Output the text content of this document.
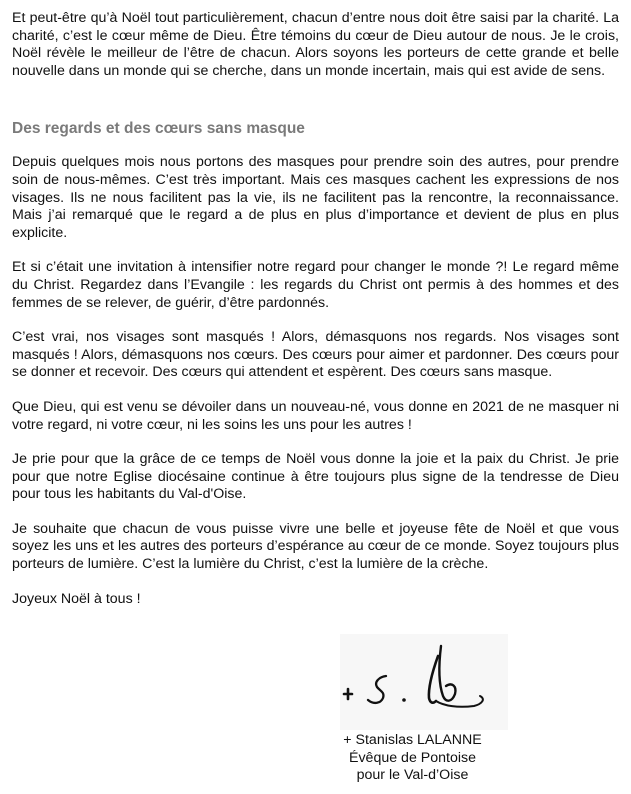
Et peut-être qu’à Noël tout particulièrement, chacun d’entre nous doit être saisi par la charité. La charité, c’est le cœur même de Dieu. Être témoins du cœur de Dieu autour de nous. Je le crois, Noël révèle le meilleur de l’être de chacun. Alors soyons les porteurs de cette grande et belle nouvelle dans un monde qui se cherche, dans un monde incertain, mais qui est avide de sens.

Des regards et des cœurs sans masque

Depuis quelques mois nous portons des masques pour prendre soin des autres, pour prendre soin de nous-mêmes. C’est très important. Mais ces masques cachent les expressions de nos visages. Ils ne nous facilitent pas la vie, ils ne facilitent pas la rencontre, la reconnaissance. Mais j’ai remarqué que le regard a de plus en plus d’importance et devient de plus en plus explicite.

Et si c’était une invitation à intensifier notre regard pour changer le monde ?! Le regard même du Christ. Regardez dans l’Evangile : les regards du Christ ont permis à des hommes et des femmes de se relever, de guérir, d’être pardonnés.

C’est vrai, nos visages sont masqués ! Alors, démasquons nos regards. Nos visages sont masqués ! Alors, démasquons nos cœurs. Des cœurs pour aimer et pardonner. Des cœurs pour se donner et recevoir. Des cœurs qui attendent et espèrent. Des cœurs sans masque.

Que Dieu, qui est venu se dévoiler dans un nouveau-né, vous donne en 2021 de ne masquer ni votre regard, ni votre cœur, ni les soins les uns pour les autres !

Je prie pour que la grâce de ce temps de Noël vous donne la joie et la paix du Christ. Je prie pour que notre Eglise diocésaine continue à être toujours plus signe de la tendresse de Dieu pour tous les habitants du Val-d'Oise.

Je souhaite que chacun de vous puisse vivre une belle et joyeuse fête de Noël et que vous soyez les uns et les autres des porteurs d’espérance au cœur de ce monde. Soyez toujours plus porteurs de lumière. C’est la lumière du Christ, c’est la lumière de la crèche.

Joyeux Noël à tous !

+ Stanislas LALANNE
Évêque de Pontoise
pour le Val-d’Oise
